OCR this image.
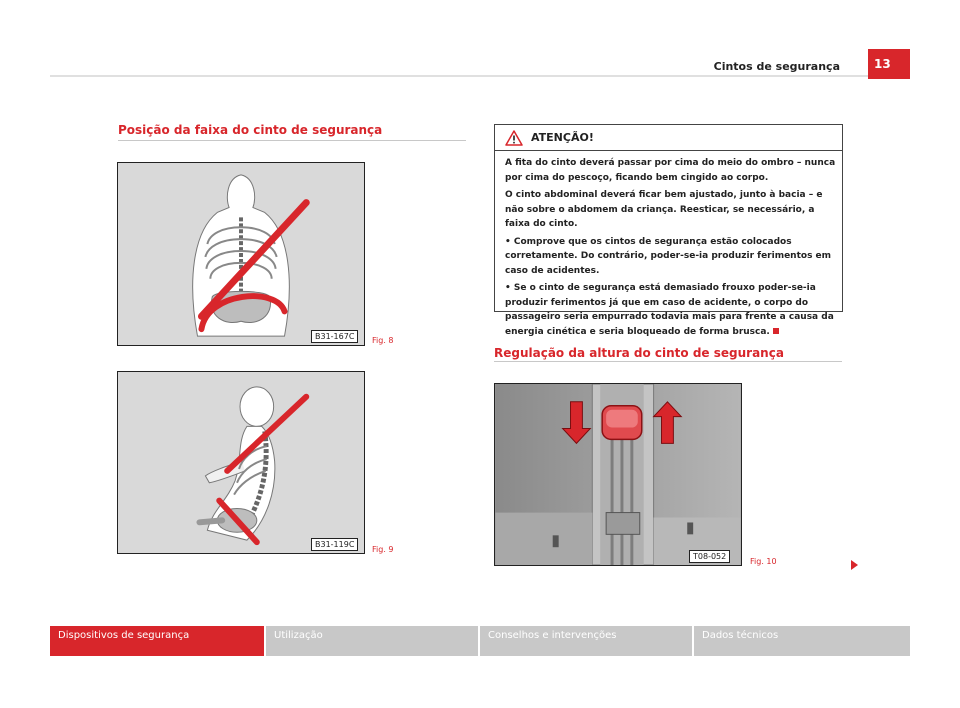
Cintos de segurança	13
Posição da faixa do cinto de segurança
B31-167C	Fig. 8
B31-119C
Fig. 9
ATENÇÃO!

A fita do cinto deverá passar por cima do meio do ombro – nunca por cima do pescoço, ficando bem cingido ao corpo.

O cinto abdominal deverá ficar bem ajustado, junto à bacia – e não sobre o abdomem da criança. Reesticar, se necessário, a faixa do cinto.

• Comprove que os cintos de segurança estão colocados corretamente. Do contrário, poder-se-ia produzir ferimentos em caso de acidentes.

• Se o cinto de segurança está demasiado frouxo poder-se-ia produzir ferimentos já que em caso de acidente, o corpo do passageiro seria empurrado todavia mais para frente a causa da energia cinética e seria bloqueado de forma brusca.

Regulação da altura do cinto de segurança
T08-052
Fig. 10
Dispositivos de segurança	Utilização	Conselhos e intervenções	Dados técnicos
